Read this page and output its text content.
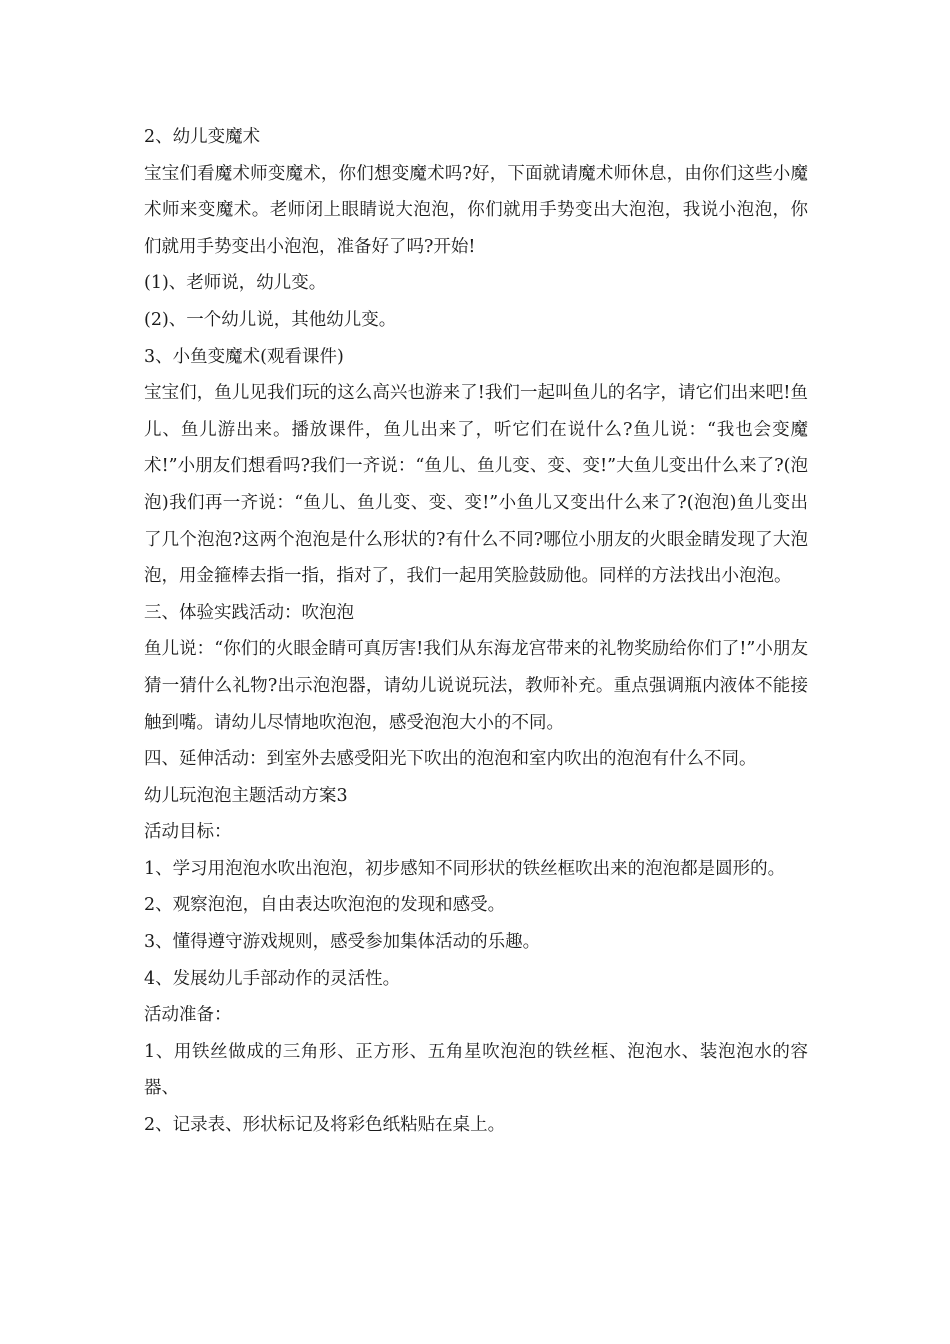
2、幼儿变魔术

宝宝们看魔术师变魔术，你们想变魔术吗?好，下面就请魔术师休息，由你们这些小魔术师来变魔术。老师闭上眼睛说大泡泡，你们就用手势变出大泡泡，我说小泡泡，你们就用手势变出小泡泡，准备好了吗?开始!

(1)、老师说，幼儿变。

(2)、一个幼儿说，其他幼儿变。

3、小鱼变魔术(观看课件)

宝宝们，鱼儿见我们玩的这么高兴也游来了!我们一起叫鱼儿的名字，请它们出来吧!鱼儿、鱼儿游出来。播放课件，鱼儿出来了，听它们在说什么?鱼儿说：“我也会变魔术!”小朋友们想看吗?我们一齐说：“鱼儿、鱼儿变、变、变!”大鱼儿变出什么来了?(泡泡)我们再一齐说：“鱼儿、鱼儿变、变、变!”小鱼儿又变出什么来了?(泡泡)鱼儿变出了几个泡泡?这两个泡泡是什么形状的?有什么不同?哪位小朋友的火眼金睛发现了大泡泡，用金箍棒去指一指，指对了，我们一起用笑脸鼓励他。同样的方法找出小泡泡。

三、体验实践活动：吹泡泡

鱼儿说：“你们的火眼金睛可真厉害!我们从东海龙宫带来的礼物奖励给你们了!”小朋友猜一猜什么礼物?出示泡泡器，请幼儿说说玩法，教师补充。重点强调瓶内液体不能接触到嘴。请幼儿尽情地吹泡泡，感受泡泡大小的不同。

四、延伸活动：到室外去感受阳光下吹出的泡泡和室内吹出的泡泡有什么不同。

幼儿玩泡泡主题活动方案3

活动目标：

1、学习用泡泡水吹出泡泡，初步感知不同形状的铁丝框吹出来的泡泡都是圆形的。

2、观察泡泡，自由表达吹泡泡的发现和感受。

3、懂得遵守游戏规则，感受参加集体活动的乐趣。

4、发展幼儿手部动作的灵活性。

活动准备：

1、用铁丝做成的三角形、正方形、五角星吹泡泡的铁丝框、泡泡水、装泡泡水的容器、

2、记录表、形状标记及将彩色纸粘贴在桌上。
